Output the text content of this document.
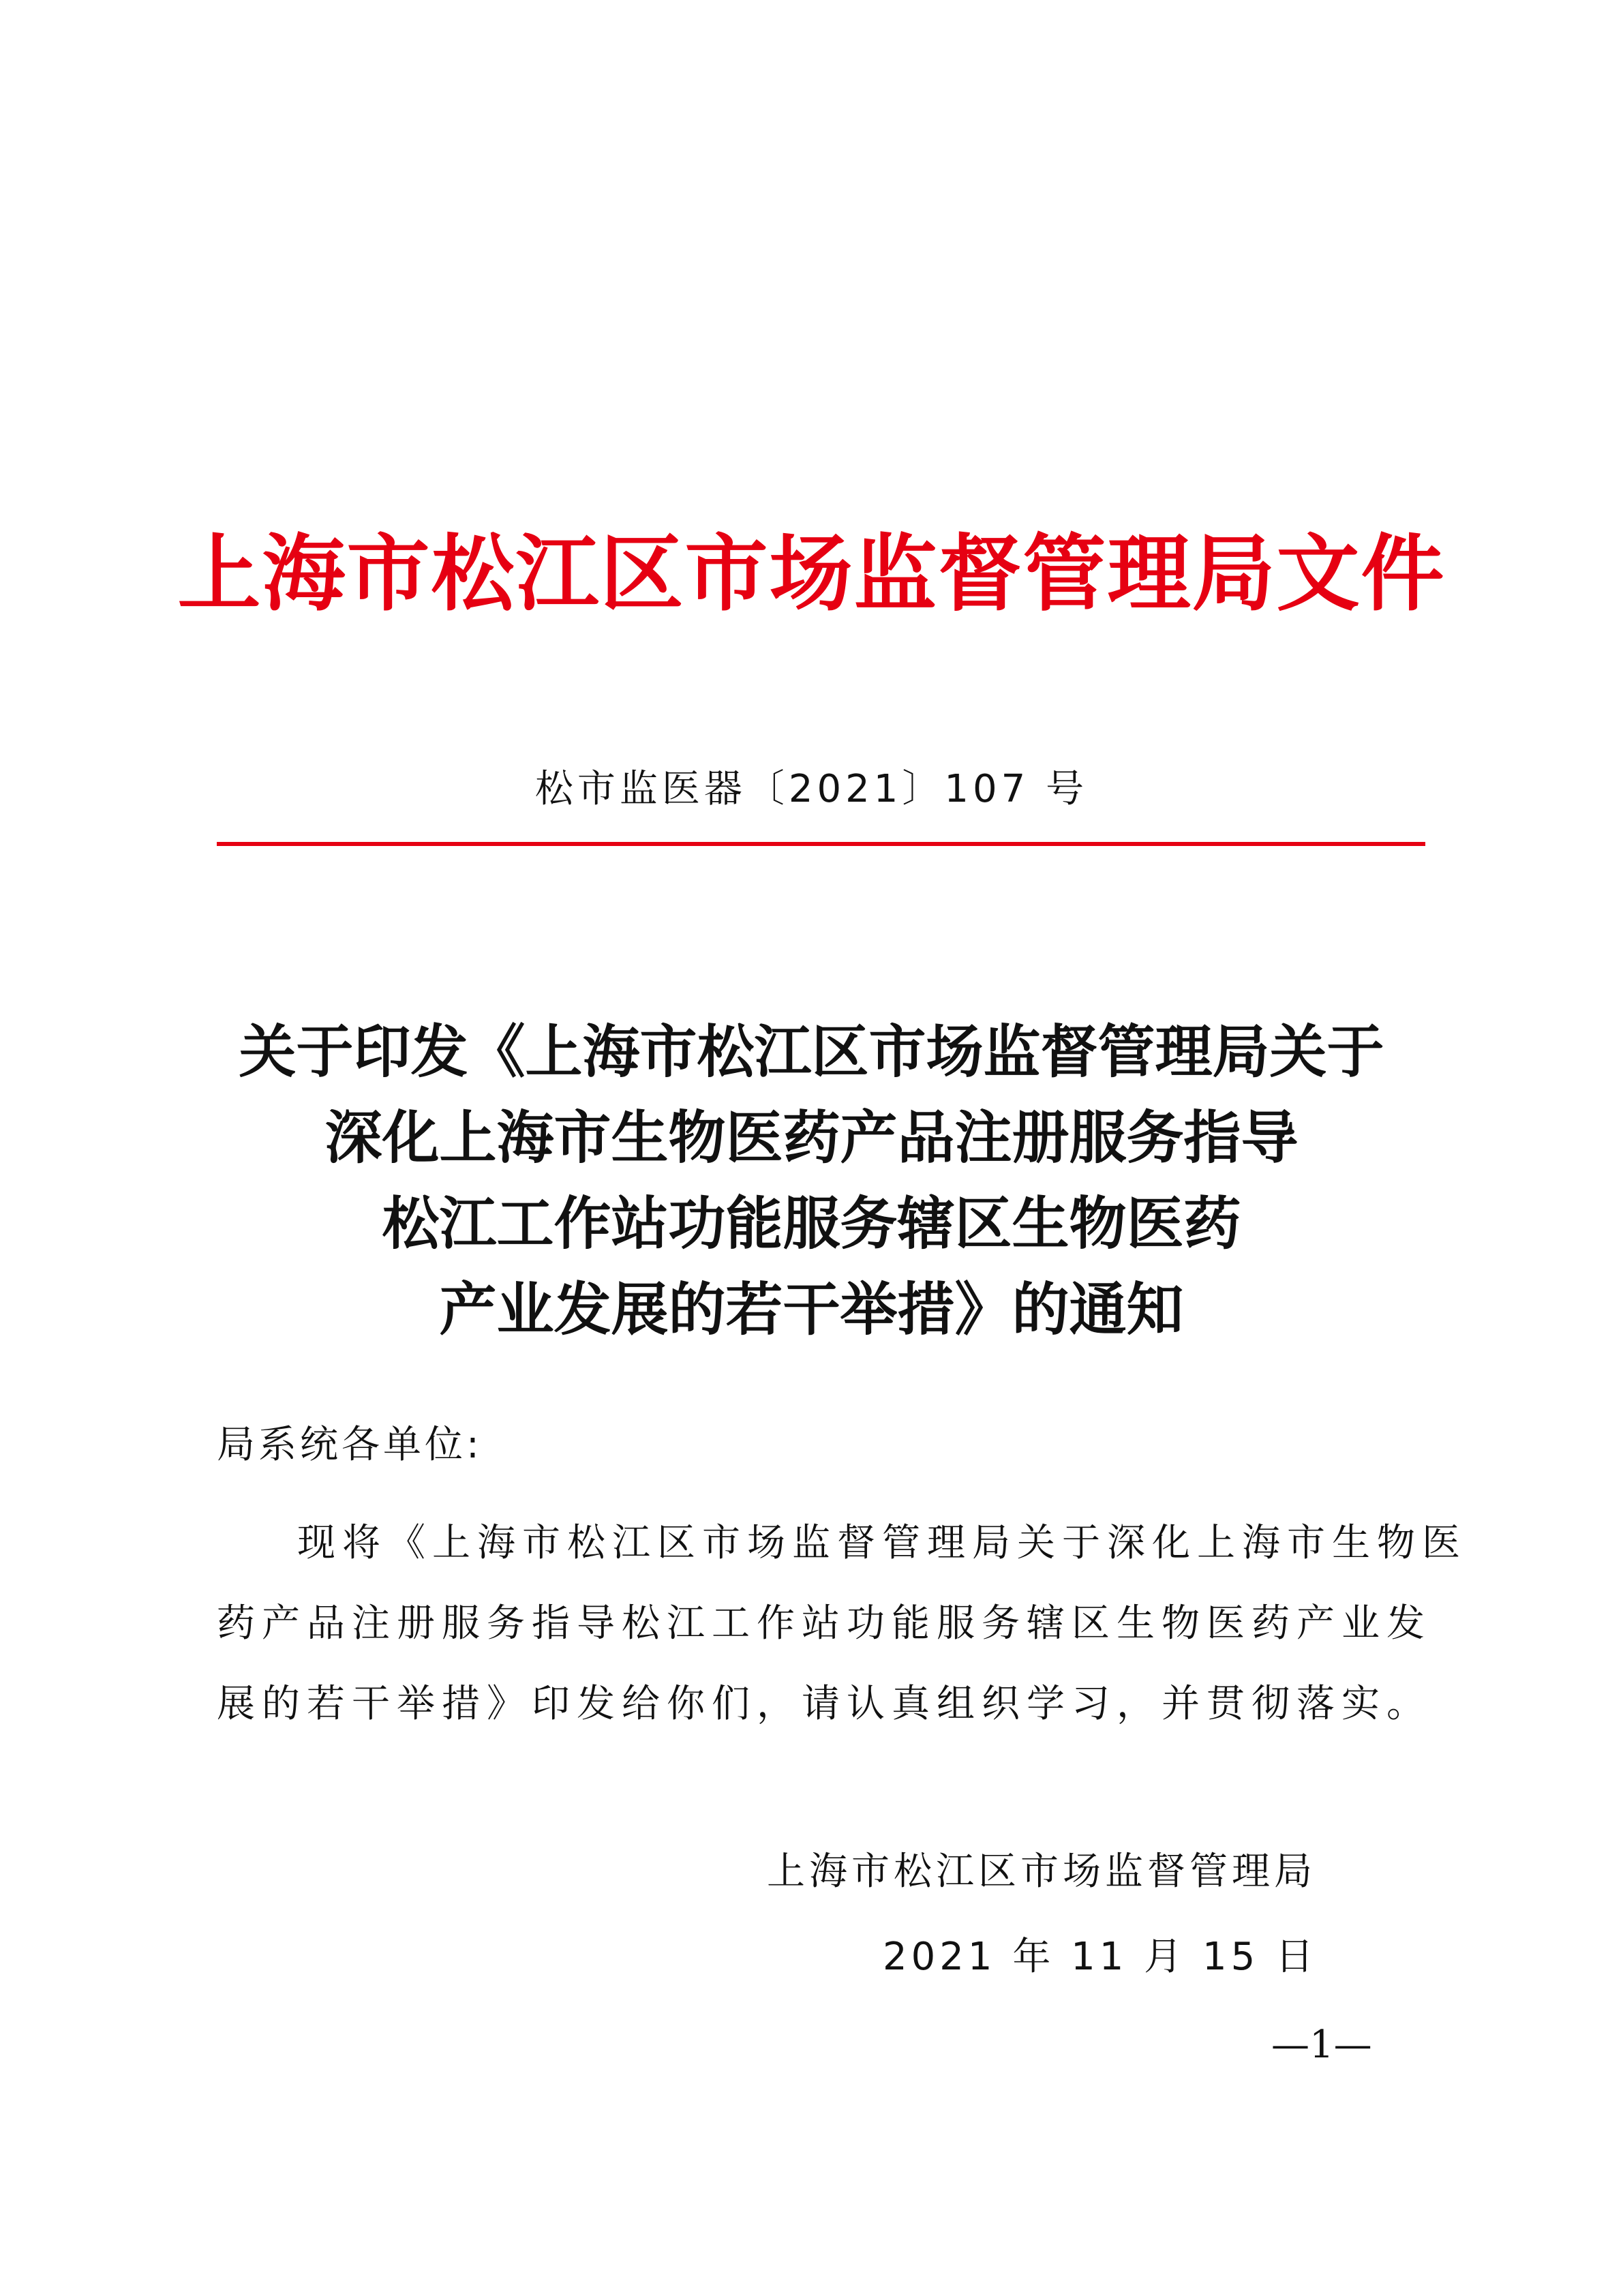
上海市松江区市场监督管理局文件
松市监医器〔2021〕107 号
关于印发《上海市松江区市场监督管理局关于
深化上海市生物医药产品注册服务指导
松江工作站功能服务辖区生物医药
产业发展的若干举措》的通知
局系统各单位:
现将《上海市松江区市场监督管理局关于深化上海市生物医
药产品注册服务指导松江工作站功能服务辖区生物医药产业发
展的若干举措》印发给你们，请认真组织学习，并贯彻落实。
上海市松江区市场监督管理局
2021 年 11 月 15 日
—1—
